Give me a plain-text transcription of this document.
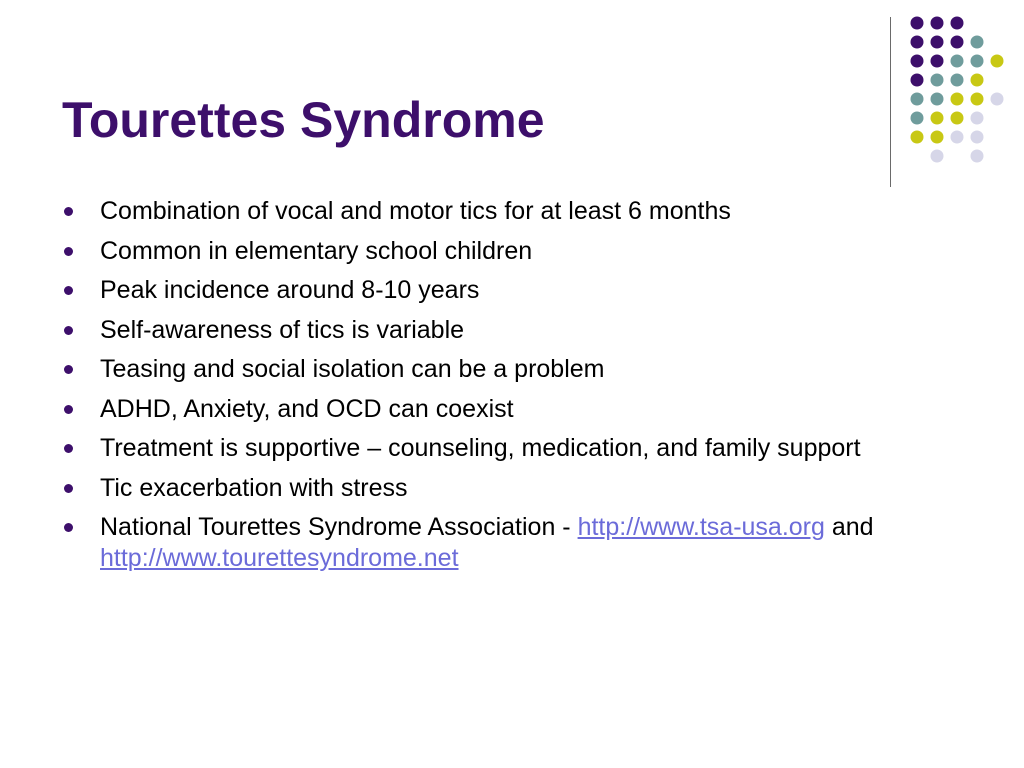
Tourettes Syndrome
Combination of vocal and motor tics for at least 6 months
Common in elementary school children
Peak incidence around 8-10 years
Self-awareness of tics is variable
Teasing and social isolation can be a problem
ADHD, Anxiety, and OCD can coexist
Treatment is supportive – counseling, medication, and family support
Tic exacerbation with stress
National Tourettes Syndrome Association - http://www.tsa-usa.org and http://www.tourettesyndrome.net
